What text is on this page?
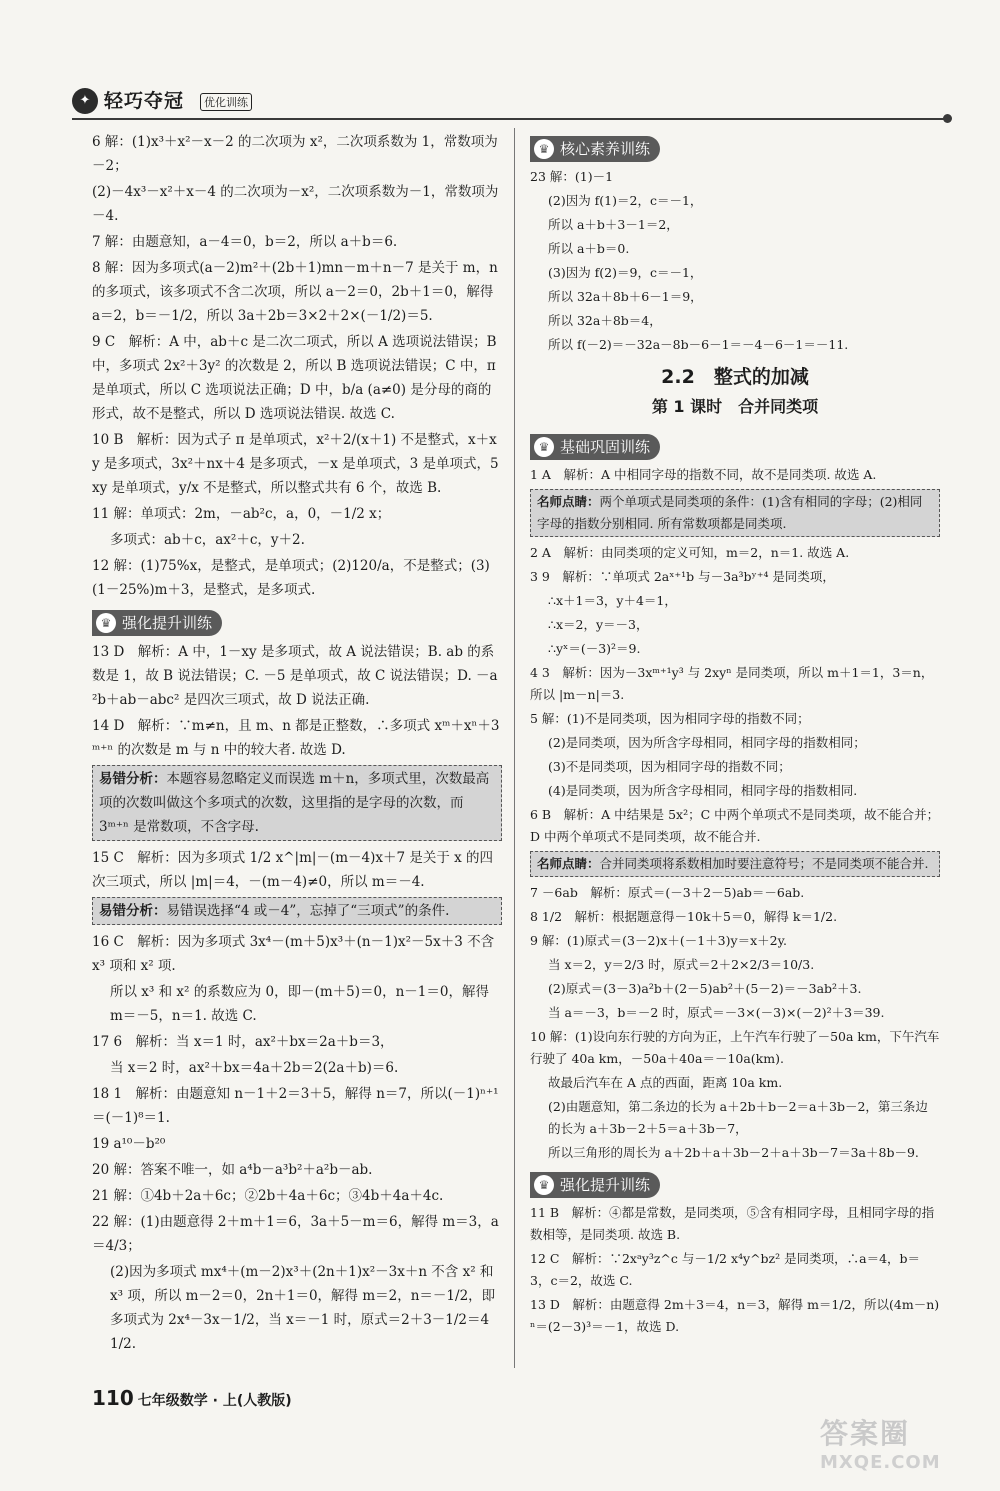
✦ 轻巧夺冠	优化训练

6 解：(1)x³＋x²－x－2 的二次项为 x²，二次项系数为 1，常数项为－2；

(2)－4x³－x²＋x－4 的二次项为－x²，二次项系数为－1，常数项为－4.

7 解：由题意知，a－4＝0，b＝2，所以 a＋b＝6.

8 解：因为多项式(a－2)m²＋(2b＋1)mn－m＋n－7 是关于 m，n 的多项式，该多项式不含二次项，所以 a－2＝0，2b＋1＝0，解得 a＝2，b＝－1/2，所以 3a＋2b＝3×2＋2×(－1/2)＝5.

9 C　解析：A 中，ab＋c 是二次二项式，所以 A 选项说法错误；B 中，多项式 2x²＋3y² 的次数是 2，所以 B 选项说法错误；C 中，π 是单项式，所以 C 选项说法正确；D 中，b/a (a≠0) 是分母的商的形式，故不是整式，所以 D 选项说法错误. 故选 C.

10 B　解析：因为式子 π 是单项式，x²＋2/(x＋1) 不是整式，x＋xy 是多项式，3x²＋nx＋4 是多项式，－x 是单项式，3 是单项式，5xy 是单项式，y/x 不是整式，所以整式共有 6 个，故选 B.

11 解：单项式：2m，－ab²c，a，0，－1/2 x；

多项式：ab＋c，ax²＋c，y＋2.

12 解：(1)75%x，是整式，是单项式；(2)120/a，不是整式；(3)(1－25%)m＋3，是整式，是多项式.

♛ 强化提升训练

13 D　解析：A 中，1－xy 是多项式，故 A 说法错误；B. ab 的系数是 1，故 B 说法错误；C. －5 是单项式，故 C 说法错误；D. －a²b＋ab－abc² 是四次三项式，故 D 说法正确.

14 D　解析：∵m≠n，且 m、n 都是正整数，∴多项式 xᵐ＋xⁿ＋3ᵐ⁺ⁿ 的次数是 m 与 n 中的较大者. 故选 D.

易错分析：本题容易忽略定义而误选 m＋n，多项式里，次数最高项的次数叫做这个多项式的次数，这里指的是字母的次数，而 3ᵐ⁺ⁿ 是常数项，不含字母.

15 C　解析：因为多项式 1/2 x^|m|－(m－4)x＋7 是关于 x 的四次三项式，所以 |m|＝4，－(m－4)≠0，所以 m＝－4.

易错分析：易错误选择“4 或－4”，忘掉了“三项式”的条件.

16 C　解析：因为多项式 3x⁴－(m＋5)x³＋(n－1)x²－5x＋3 不含 x³ 项和 x² 项.

所以 x³ 和 x² 的系数应为 0，即－(m＋5)＝0，n－1＝0，解得 m＝－5，n＝1. 故选 C.

17 6　解析：当 x＝1 时，ax²＋bx＝2a＋b＝3，

当 x＝2 时，ax²＋bx＝4a＋2b＝2(2a＋b)＝6.

18 1　解析：由题意知 n－1＋2＝3＋5，解得 n＝7，所以(－1)ⁿ⁺¹＝(－1)⁸＝1.

19 a¹⁰－b²⁰

20 解：答案不唯一，如 a⁴b－a³b²＋a²b－ab.

21 解：①4b＋2a＋6c；②2b＋4a＋6c；③4b＋4a＋4c.

22 解：(1)由题意得 2＋m＋1＝6，3a＋5－m＝6，解得 m＝3，a＝4/3；

(2)因为多项式 mx⁴＋(m－2)x³＋(2n＋1)x²－3x＋n 不含 x² 和 x³ 项，所以 m－2＝0，2n＋1＝0，解得 m＝2，n＝－1/2，即多项式为 2x⁴－3x－1/2，当 x＝－1 时，原式＝2＋3－1/2＝4 1/2.

♛ 核心素养训练

23 解：(1)－1

(2)因为 f(1)＝2，c＝－1，

所以 a＋b＋3－1＝2，

所以 a＋b＝0.

(3)因为 f(2)＝9，c＝－1，

所以 32a＋8b＋6－1＝9，

所以 32a＋8b＝4，

所以 f(－2)＝－32a－8b－6－1＝－4－6－1＝－11.

2.2　整式的加减
第 1 课时　合并同类项
♛ 基础巩固训练

1 A　解析：A 中相同字母的指数不同，故不是同类项. 故选 A.

名师点睛：两个单项式是同类项的条件：(1)含有相同的字母；(2)相同字母的指数分别相同. 所有常数项都是同类项.

2 A　解析：由同类项的定义可知，m＝2，n＝1. 故选 A.

3 9　解析：∵单项式 2aˣ⁺¹b 与－3a³bʸ⁺⁴ 是同类项，

∴x＋1＝3，y＋4＝1，

∴x＝2，y＝－3，

∴yˣ＝(－3)²＝9.

4 3　解析：因为－3xᵐ⁺¹y³ 与 2xyⁿ 是同类项，所以 m＋1＝1，3＝n，所以 |m－n|＝3.

5 解：(1)不是同类项，因为相同字母的指数不同；

(2)是同类项，因为所含字母相同，相同字母的指数相同；

(3)不是同类项，因为相同字母的指数不同；

(4)是同类项，因为所含字母相同，相同字母的指数相同.

6 B　解析：A 中结果是 5x²；C 中两个单项式不是同类项，故不能合并；D 中两个单项式不是同类项，故不能合并.

名师点睛：合并同类项将系数相加时要注意符号；不是同类项不能合并.

7 －6ab　解析：原式＝(－3＋2－5)ab＝－6ab.

8 1/2　解析：根据题意得－10k＋5＝0，解得 k＝1/2.

9 解：(1)原式＝(3－2)x＋(－1＋3)y＝x＋2y.

当 x＝2，y＝2/3 时，原式＝2＋2×2/3＝10/3.

(2)原式＝(3－3)a²b＋(2－5)ab²＋(5－2)＝－3ab²＋3.

当 a＝－3，b＝－2 时，原式＝－3×(－3)×(－2)²＋3＝39.

10 解：(1)设向东行驶的方向为正，上午汽车行驶了－50a km，下午汽车行驶了 40a km，－50a＋40a＝－10a(km).

故最后汽车在 A 点的西面，距离 10a km.

(2)由题意知，第二条边的长为 a＋2b＋b－2＝a＋3b－2，第三条边的长为 a＋3b－2＋5＝a＋3b－7，

所以三角形的周长为 a＋2b＋a＋3b－2＋a＋3b－7＝3a＋8b－9.

♛ 强化提升训练

11 B　解析：④都是常数，是同类项，⑤含有相同字母，且相同字母的指数相等，是同类项. 故选 B.

12 C　解析：∵2xᵃy³z^c 与－1/2 x⁴y^bz² 是同类项，∴a＝4，b＝3，c＝2，故选 C.

13 D　解析：由题意得 2m＋3＝4，n＝3，解得 m＝1/2，所以(4m－n)ⁿ＝(2－3)³＝－1，故选 D.

110 七年级数学 · 上(人教版)
答案圈
MXQE.COM
